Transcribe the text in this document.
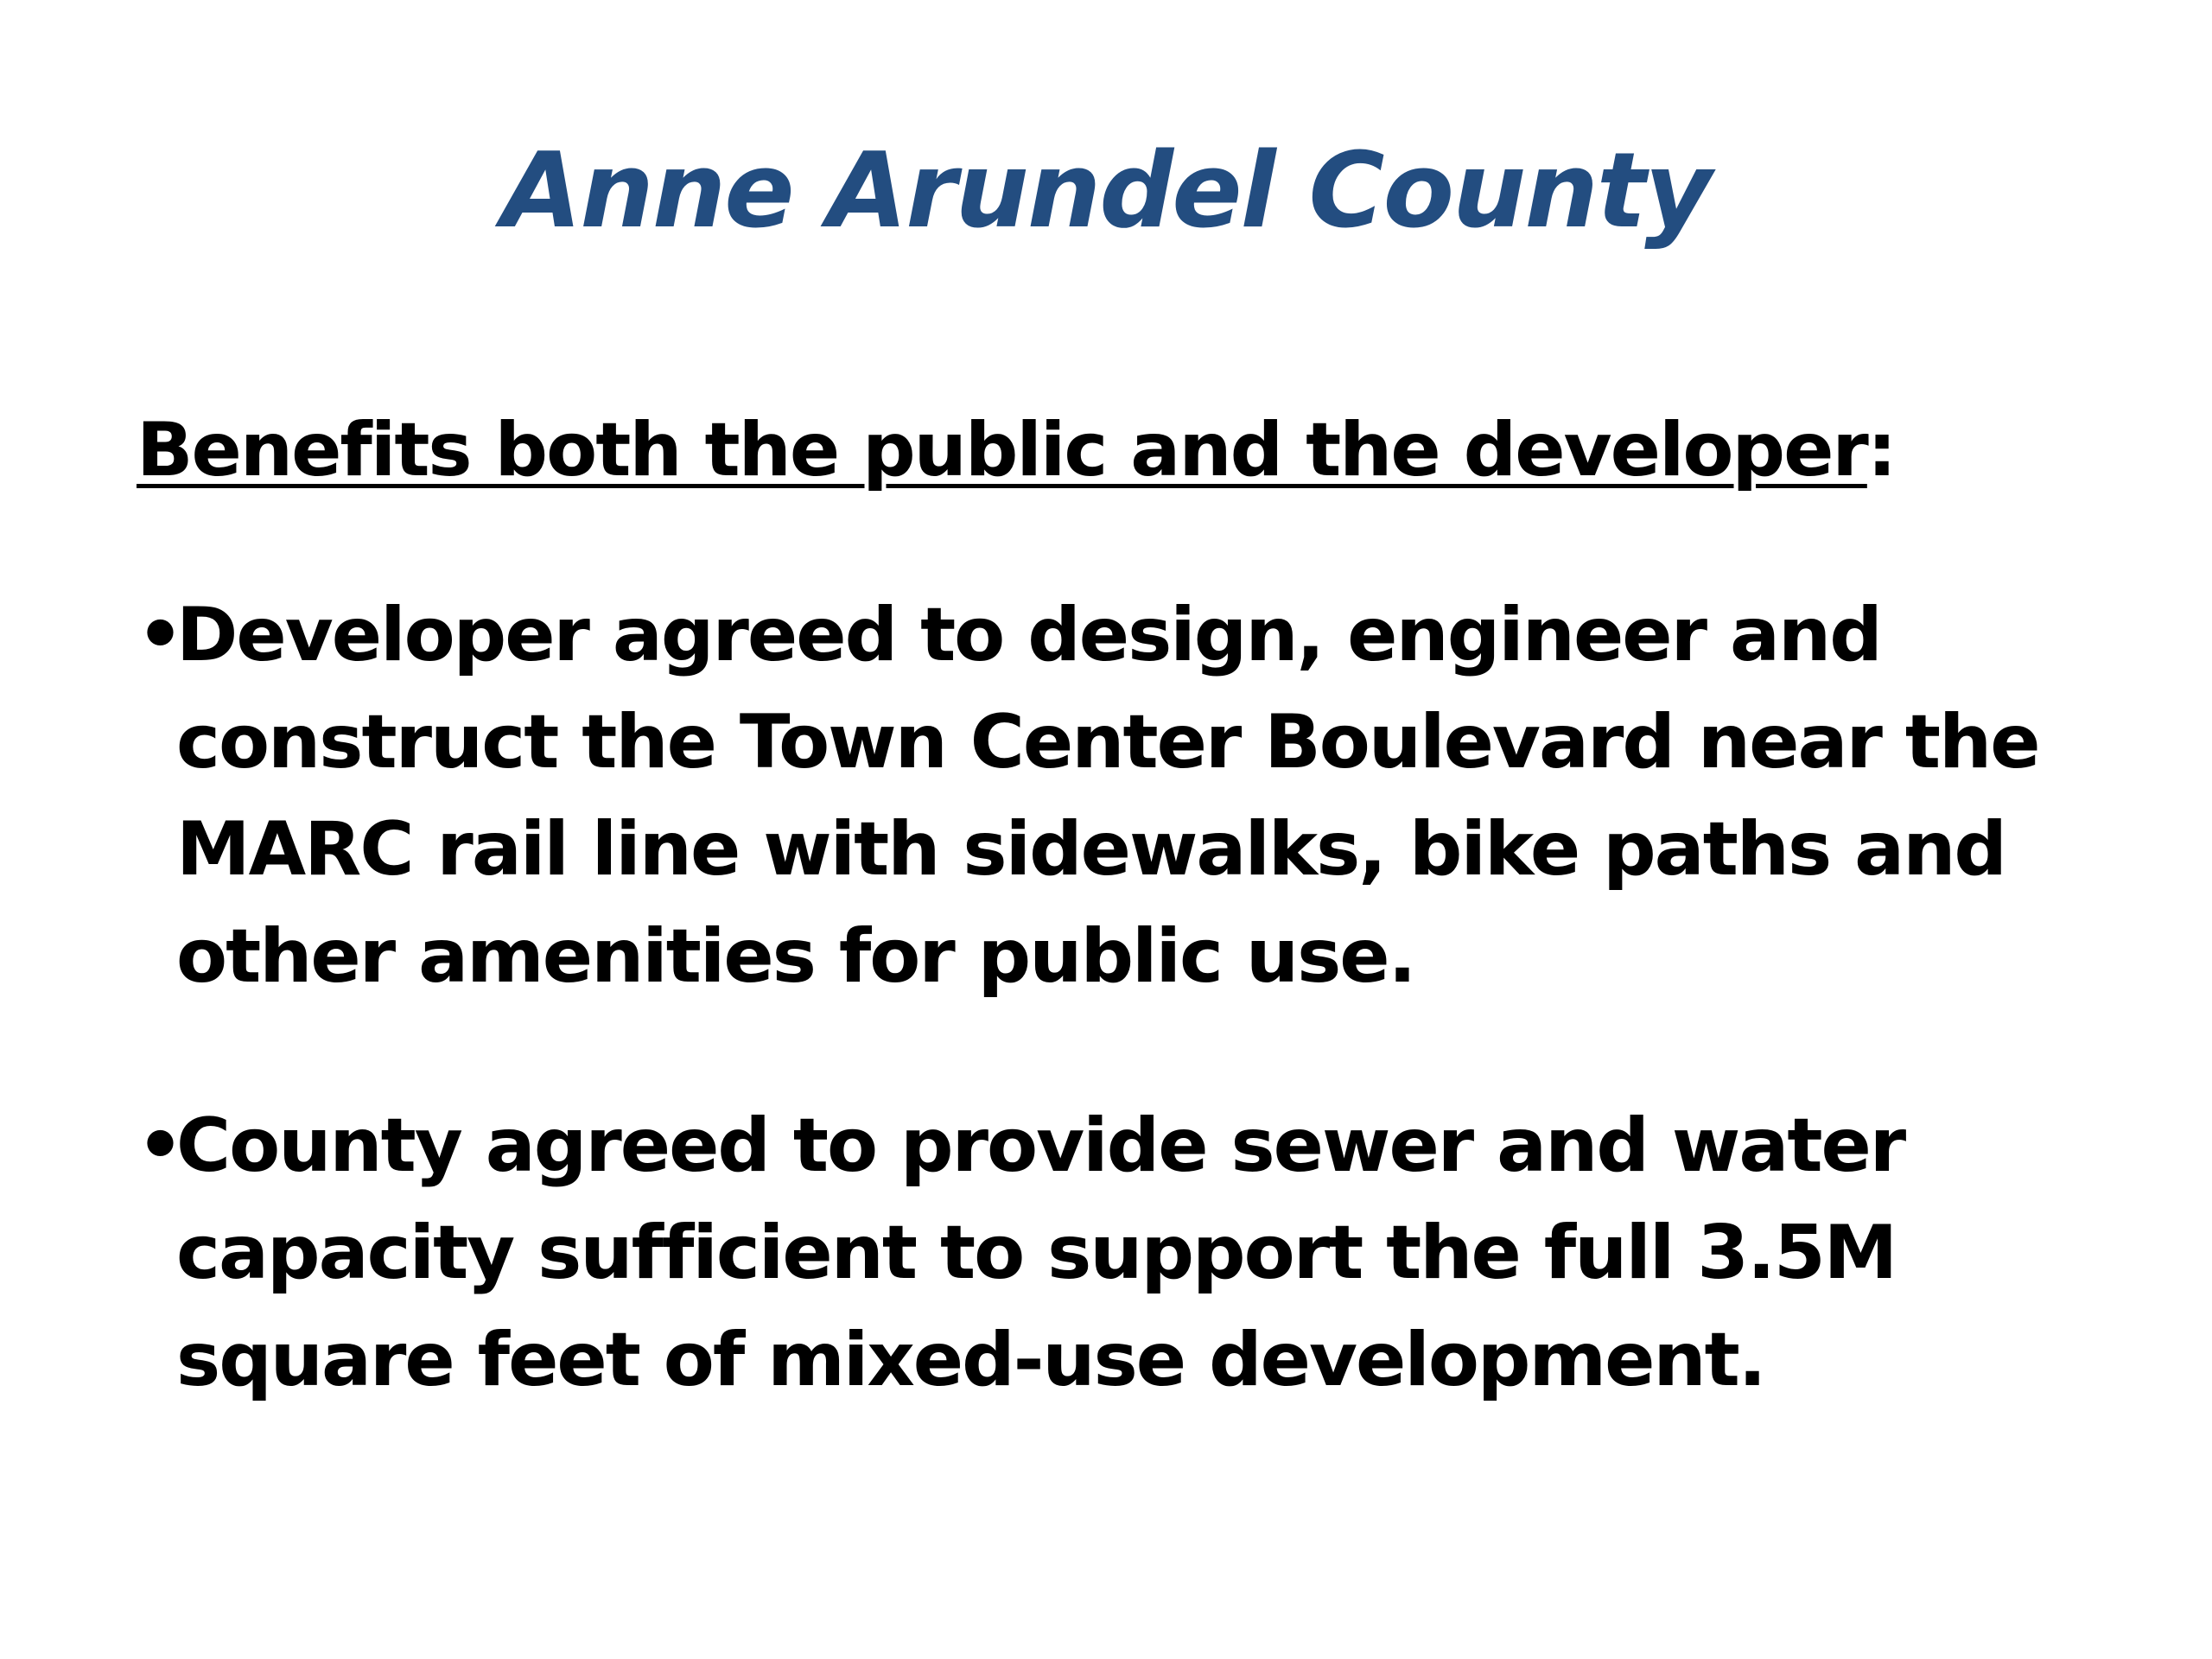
Anne Arundel County

Benefits both the public and the developer:

•
Developer agreed to design, engineer and construct the Town Center Boulevard near the MARC rail line with sidewalks, bike paths and other amenities for public use.
•
County agreed to provide sewer and water capacity sufficient to support the full 3.5M square feet of mixed-use development.
